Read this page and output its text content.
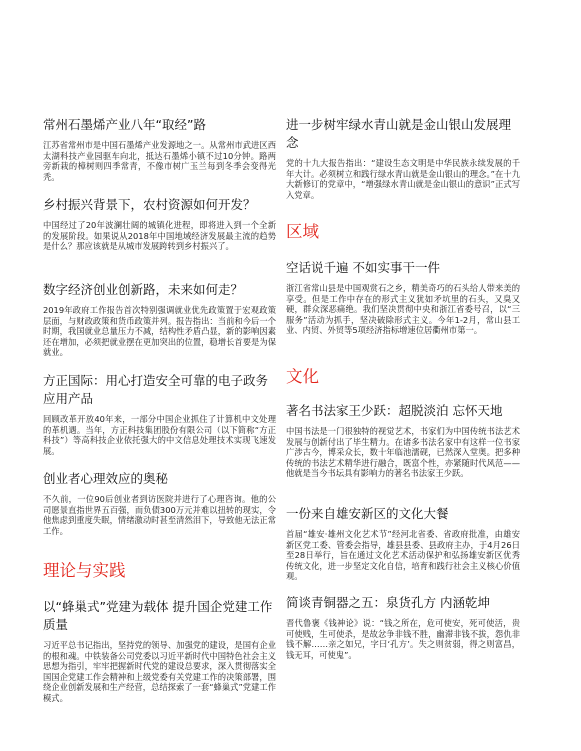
常州石墨烯产业八年“取经”路
江苏省常州市是中国石墨烯产业发源地之一。从常州市武进区西太湖科技产业园驱车向北，抵达石墨烯小镇不过10分钟。路两旁新栽的樟树则四季常青，不像市树广玉兰每到冬季会变得光秃。
乡村振兴背景下，农村资源如何开发？
中国经过了20年波澜壮阔的城镇化进程，即将进入到一个全新的发展阶段。如果说从2018年中国地域经济发展最主流的趋势是什么？那应该就是从城市发展跨转到乡村振兴了。
数字经济创业创新路，未来如何走？
2019年政府工作报告首次特别强调就业优先政策置于宏观政策层面，与财政政策和货币政策并列。报告指出：当前和今后一个时期，我国就业总量压力不减，结构性矛盾凸显，新的影响因素还在增加，必须把就业摆在更加突出的位置，稳增长首要是为保就业。
方正国际：用心打造安全可靠的电子政务应用产品
回顾改革开放40年来，一部分中国企业抓住了计算机中文处理的革机遇。当年，方正科技集团股份有限公司（以下简称“方正科技”）等高科技企业依托强大的中文信息处理技术实现飞速发展。
创业者心理效应的奥秘
不久前，一位90后创业者到访医院并进行了心理咨询。他的公司愿景直指世界五百强，而负债300万元并难以扭转的现实，令他焦虑到重度失眠，情绪激动时甚至清然泪下，导致他无法正常工作。
理论与实践
以“蜂巢式”党建为载体 提升国企党建工作质量
习近平总书记指出，坚持党的领导、加强党的建设，是国有企业的根和魂。中铁装备公司党委以习近平新时代中国特色社会主义思想为指引，牢牢把握新时代党的建设总要求，深入贯彻落实全国国企党建工作会精神和上级党委有关党建工作的决策部署，围绕企业创新发展和生产经营，总结探索了一套“蜂巢式”党建工作模式。
进一步树牢绿水青山就是金山银山发展理念
党的十九大报告指出：“建设生态文明是中华民族永续发展的千年大计。必须树立和践行绿水青山就是金山银山的理念。”在十九大新修订的党章中，“增强绿水青山就是金山银山的意识”正式写入党章。
区域
空话说千遍 不如实事干一件
浙江省常山县是中国观赏石之乡，精美奇巧的石头给人带来美的享受。但是工作中存在的形式主义犹如矛坑里的石头，又臭又硬，群众深恶痛绝。我们坚决贯彻中央和浙江省委号召，以“三服务”活动为抓手，坚决破除形式主义。今年1-2月，常山县工业、内贸、外贸等5项经济指标增速位居衢州市第一。
文化
著名书法家王少跃：超脱淡泊 忘怀天地
中国书法是一门很独特的视觉艺术，书家们为中国传统书法艺术发展与创新付出了毕生精力。在诸多书法名家中有这样一位书家广涉古今，博采众长，数十年临池濡砚，已然深入堂奥。把多种传统的书法艺术精华进行融合，既富个性，亦紧随时代风范——他就是当今书坛具有影响力的著名书法家王少跃。
一份来自雄安新区的文化大餐
首届“雄安·雄州文化艺术节”经河北省委、省政府批准，由雄安新区党工委、管委会指导，雄县县委、县政府主办，于4月26日至28日举行，旨在通过文化艺术活动保护和弘扬雄安新区优秀传统文化，进一步坚定文化自信，培育和践行社会主义核心价值观。
简谈青铜器之五：泉货孔方 内涵乾坤
晋代鲁褒《钱神论》说：“钱之所在，危可使安，死可使活，贵可使贱，生可使杀，是故忿争非钱不胜，幽滞非钱不拔，怨仇非钱不解……亲之如兄，字曰‘孔方’。失之则贫弱，得之则富昌，钱无耳，可使鬼”。
